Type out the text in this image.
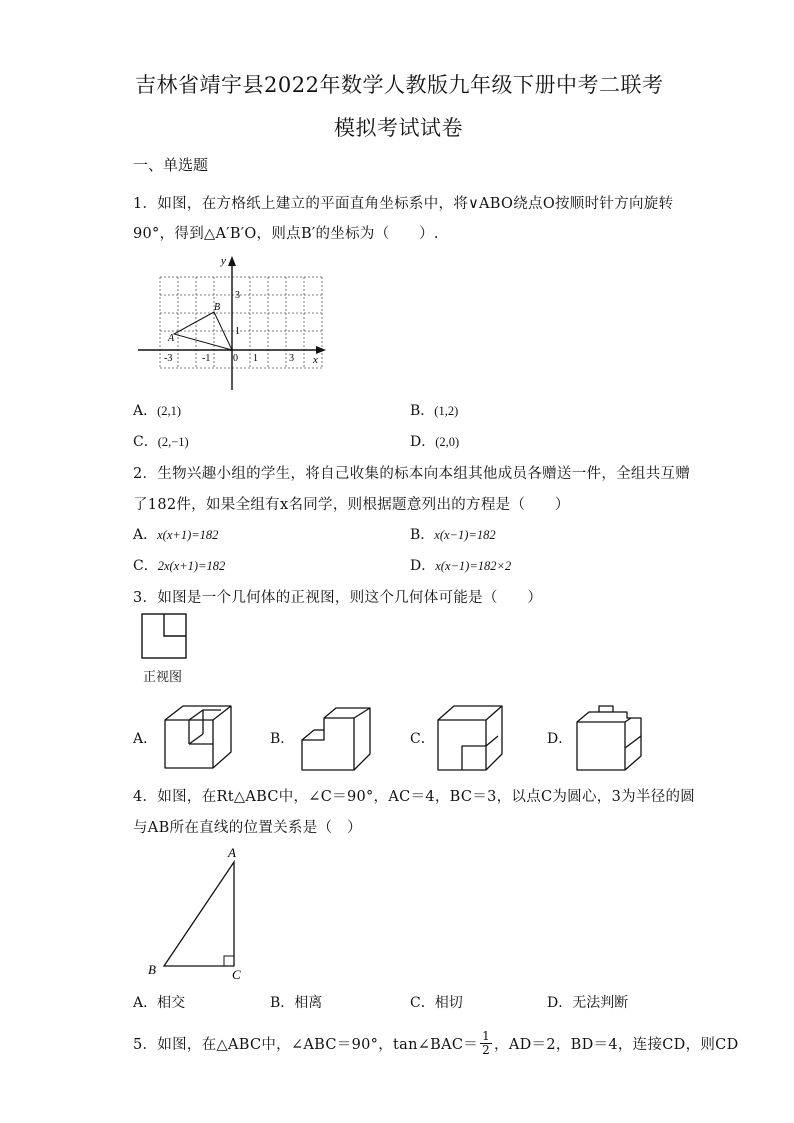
吉林省靖宇县2022年数学人教版九年级下册中考二联考
模拟考试试卷
一、单选题
1．如图，在方格纸上建立的平面直角坐标系中，将∨ABO绕点O按顺时针方向旋转
90°，得到△A′B′O，则点B′的坐标为（　　）.
y
x
0
3
1
-3	-1	1	3
A
B
A．(2,1)	B．(1,2)
C．(2,−1)	D．(2,0)
2．生物兴趣小组的学生，将自己收集的标本向本组其他成员各赠送一件，全组共互赠
了182件，如果全组有x名同学，则根据题意列出的方程是（　　）
A．x(x+1)=182	B．x(x−1)=182
C．2x(x+1)=182	D．x(x−1)=182×2
3．如图是一个几何体的正视图，则这个几何体可能是（　　）
正视图
A．	B．	C．	D．
4．如图，在Rt△ABC中，∠C＝90°，AC＝4，BC＝3，以点C为圆心，3为半径的圆
与AB所在直线的位置关系是（　）
A
B	C
A．相交	B．相离	C．相切	D．无法判断
5．如图，在△ABC中，∠ABC＝90°，tan∠BAC＝ $\frac{1}{2}$ ，AD＝2，BD＝4，连接CD，则CD
